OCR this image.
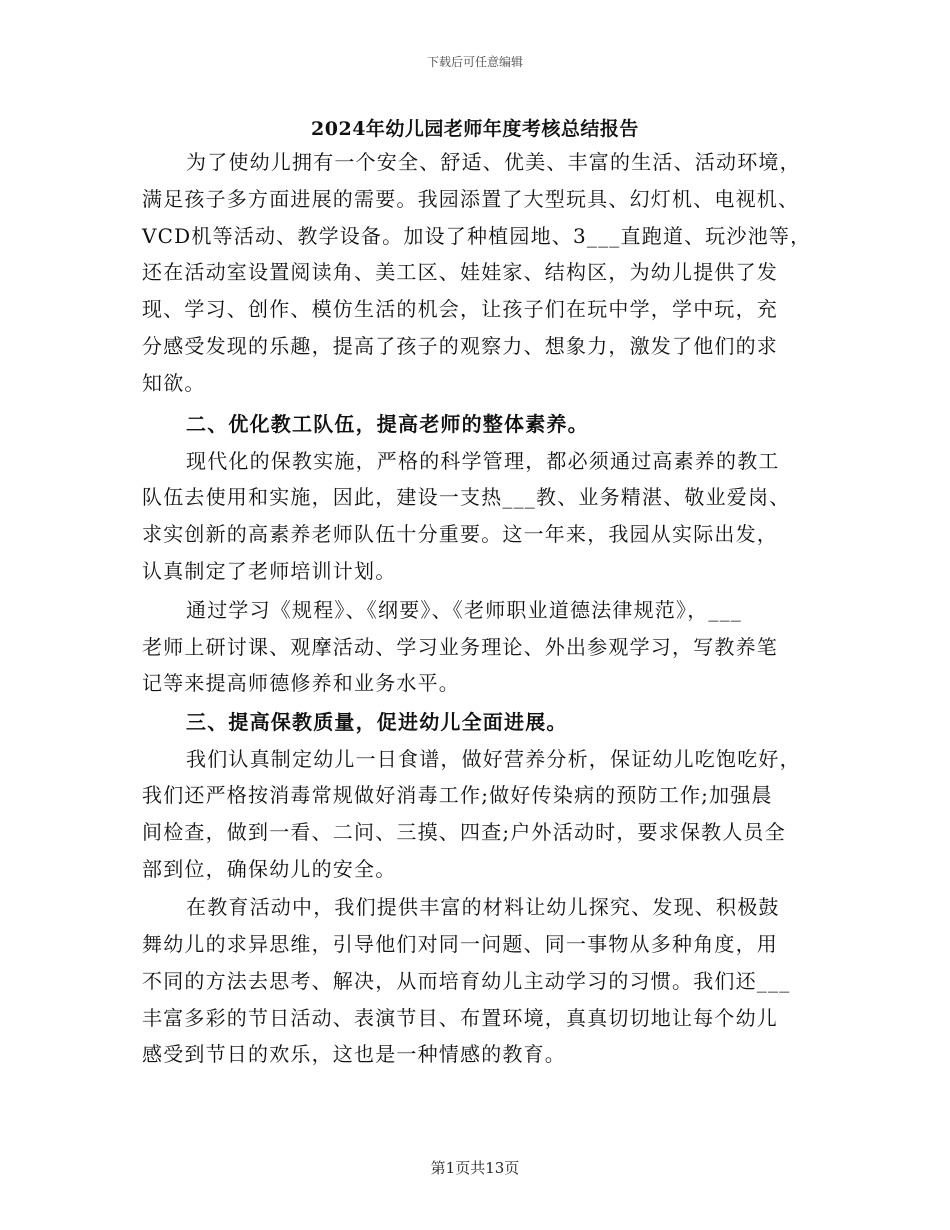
下载后可任意编辑
2024年幼儿园老师年度考核总结报告
为了使幼儿拥有一个安全、舒适、优美、丰富的生活、活动环境，
满足孩子多方面进展的需要。我园添置了大型玩具、幻灯机、电视机、
VCD机等活动、教学设备。加设了种植园地、3___直跑道、玩沙池等，
还在活动室设置阅读角、美工区、娃娃家、结构区，为幼儿提供了发
现、学习、创作、模仿生活的机会，让孩子们在玩中学，学中玩，充
分感受发现的乐趣，提高了孩子的观察力、想象力，激发了他们的求
知欲。
二、优化教工队伍，提高老师的整体素养。
现代化的保教实施，严格的科学管理，都必须通过高素养的教工
队伍去使用和实施，因此，建设一支热___教、业务精湛、敬业爱岗、
求实创新的高素养老师队伍十分重要。这一年来，我园从实际出发，
认真制定了老师培训计划。
通过学习《规程》、《纲要》、《老师职业道德法律规范》，___
老师上研讨课、观摩活动、学习业务理论、外出参观学习，写教养笔
记等来提高师德修养和业务水平。
三、提高保教质量，促进幼儿全面进展。
我们认真制定幼儿一日食谱，做好营养分析，保证幼儿吃饱吃好，
我们还严格按消毒常规做好消毒工作;做好传染病的预防工作;加强晨
间检查，做到一看、二问、三摸、四查;户外活动时，要求保教人员全
部到位，确保幼儿的安全。
在教育活动中，我们提供丰富的材料让幼儿探究、发现、积极鼓
舞幼儿的求异思维，引导他们对同一问题、同一事物从多种角度，用
不同的方法去思考、解决，从而培育幼儿主动学习的习惯。我们还___
丰富多彩的节日活动、表演节目、布置环境，真真切切地让每个幼儿
感受到节日的欢乐，这也是一种情感的教育。
第1页共13页
